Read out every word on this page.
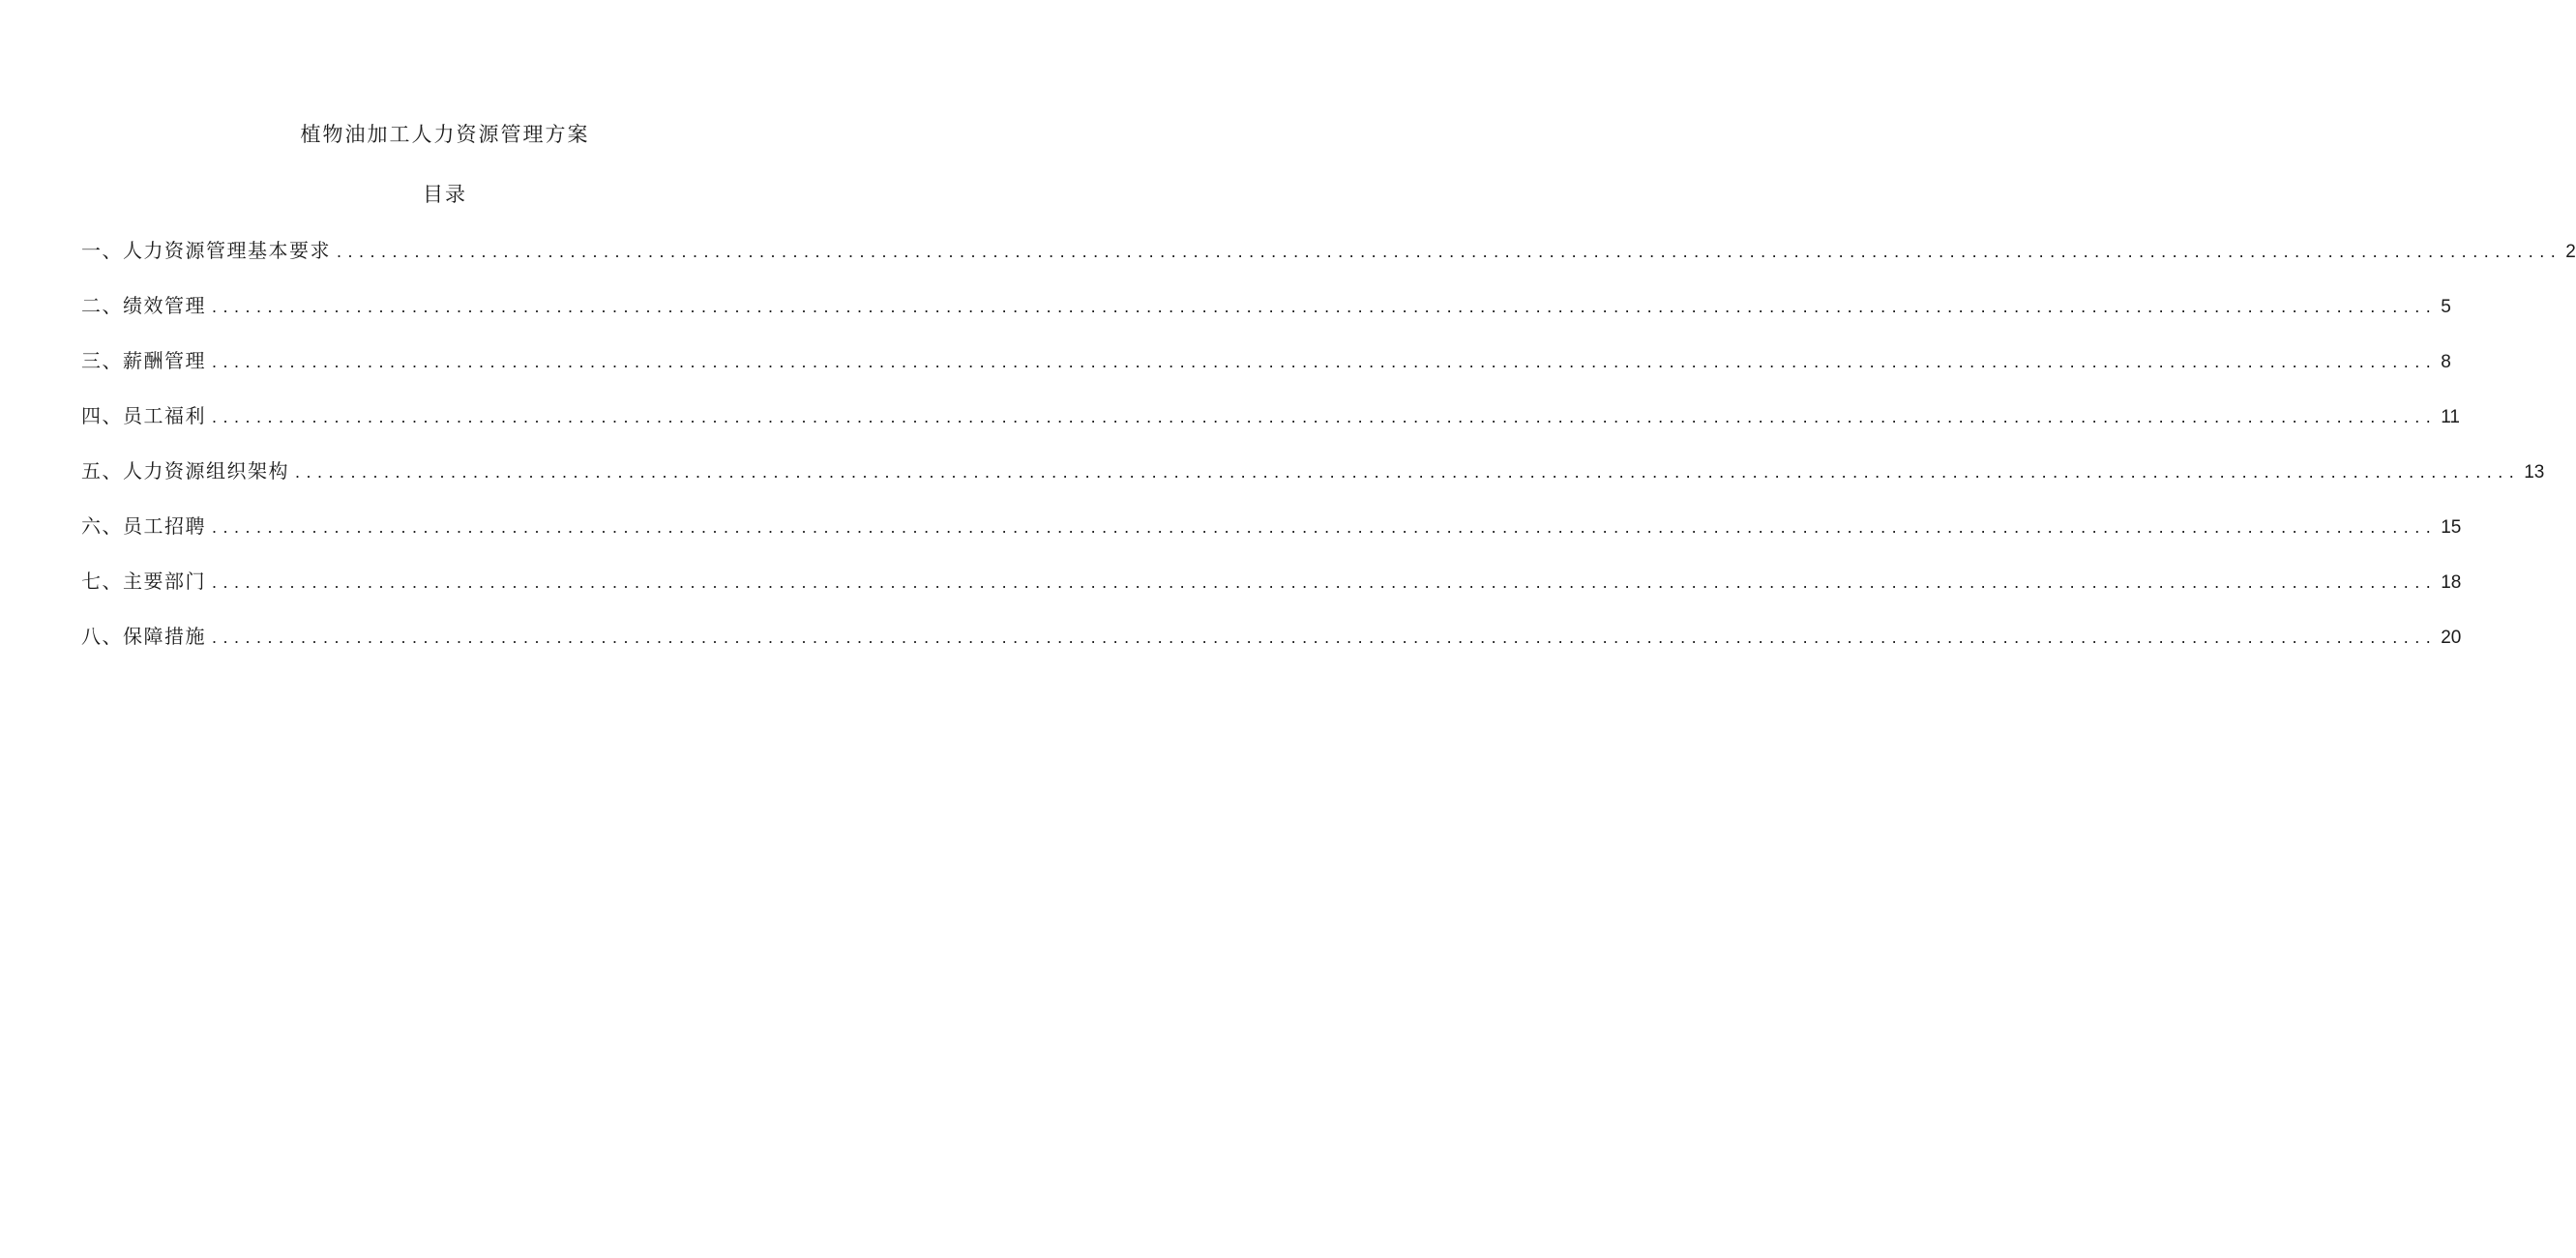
植物油加工人力资源管理方案
目录
一、人力资源管理基本要求 ........................................................................................................................................................................................................ 2
二、绩效管理 ........................................................................................................................................................................................................ 5
三、薪酬管理 ........................................................................................................................................................................................................ 8
四、员工福利 ........................................................................................................................................................................................................ 11
五、人力资源组织架构 ........................................................................................................................................................................................................ 13
六、员工招聘 ........................................................................................................................................................................................................ 15
七、主要部门 ........................................................................................................................................................................................................ 18
八、保障措施 ........................................................................................................................................................................................................ 20
